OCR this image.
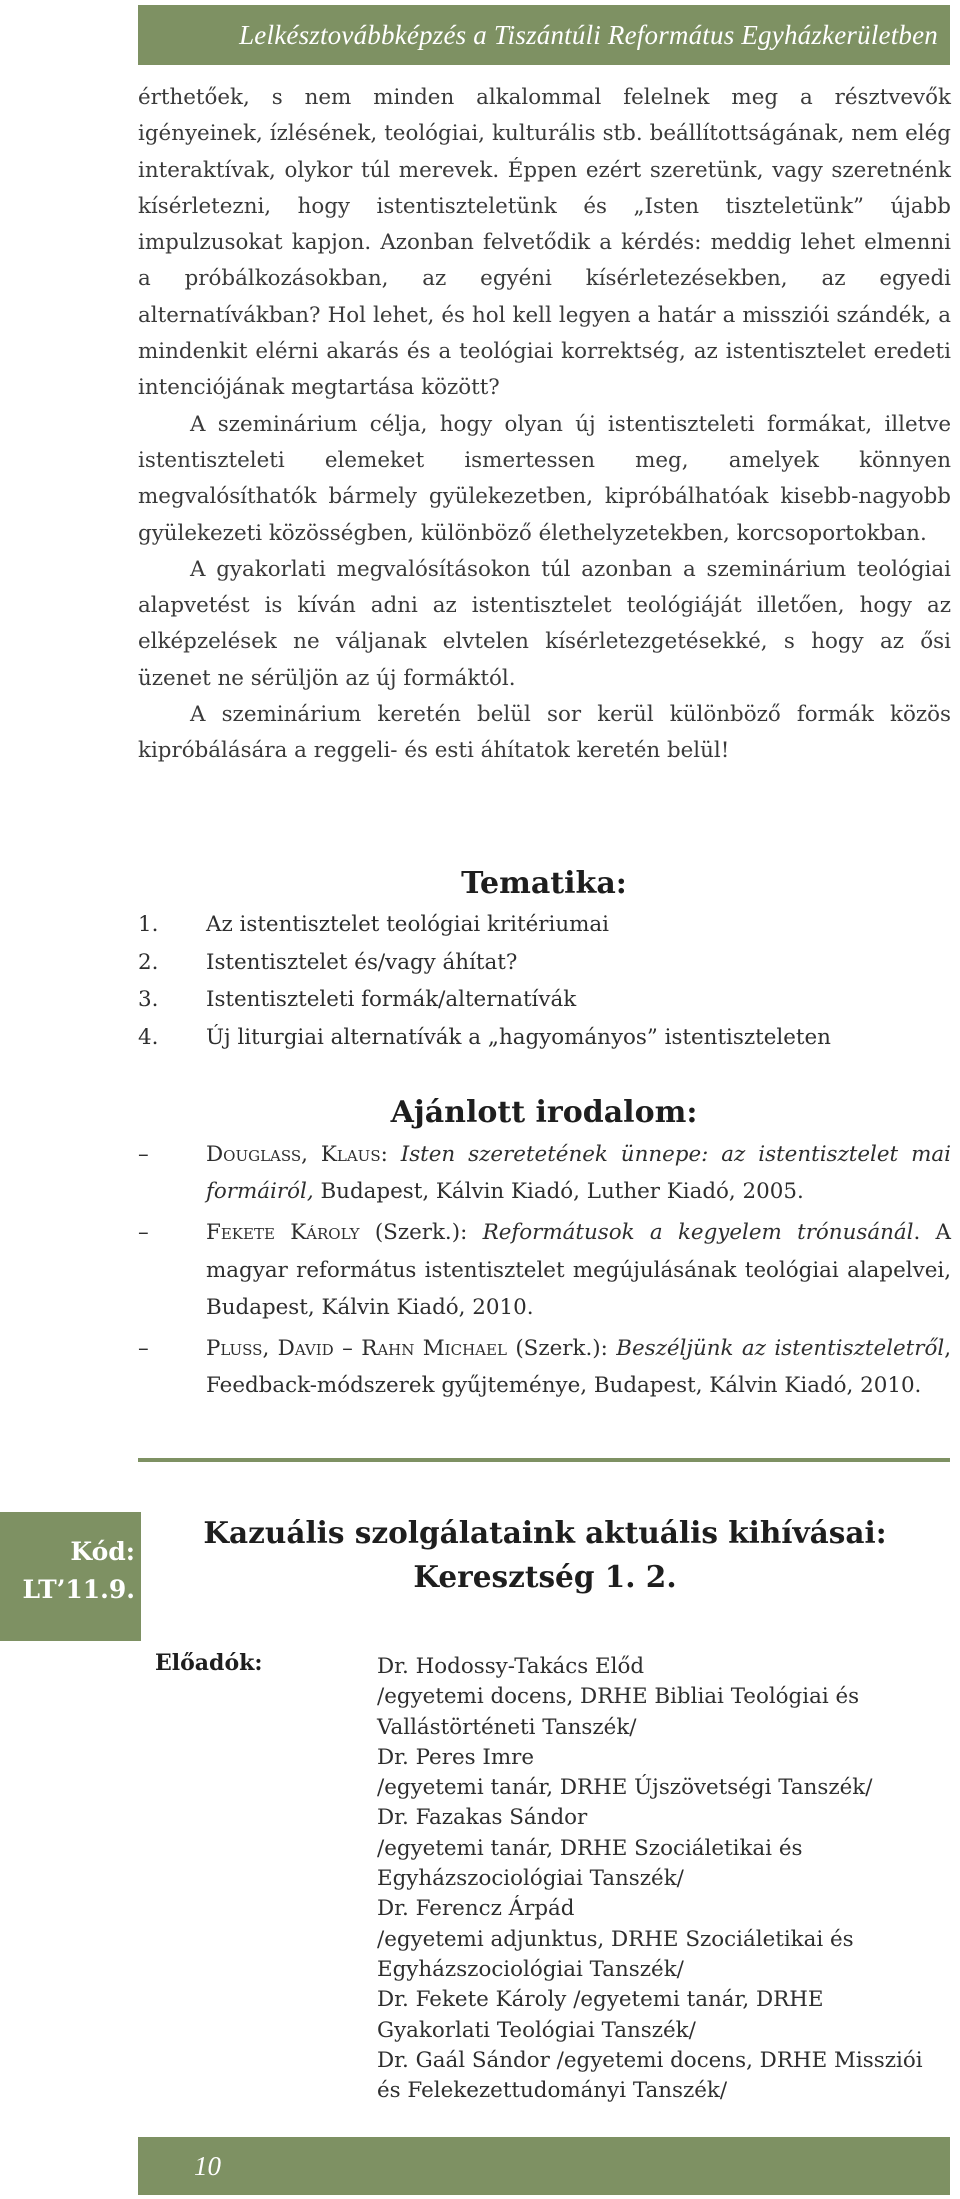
Lelkésztovábbképzés a Tiszántúli Református Egyházkerületben

érthetőek, s nem minden alkalommal felelnek meg a résztvevők igényeinek, ízlésének, teológiai, kulturális stb. beállítottságának, nem elég interaktívak, olykor túl merevek. Éppen ezért szeretünk, vagy szeretnénk kísérletezni, hogy istentiszteletünk és „Isten tiszteletünk” újabb impulzusokat kapjon. Azonban felvetődik a kérdés: meddig lehet elmenni a próbálkozásokban, az egyéni kísérletezésekben, az egyedi alternatívákban? Hol lehet, és hol kell legyen a határ a missziói szándék, a mindenkit elérni akarás és a teológiai korrektség, az istentisztelet eredeti intenciójának megtartása között?

A szeminárium célja, hogy olyan új istentiszteleti formákat, illetve istentiszteleti elemeket ismertessen meg, amelyek könnyen megvalósíthatók bármely gyülekezetben, kipróbálhatóak kisebb-nagyobb gyülekezeti közösségben, különböző élethelyzetekben, korcsoportokban.

A gyakorlati megvalósításokon túl azonban a szeminárium teológiai alapvetést is kíván adni az istentisztelet teológiáját illetően, hogy az elképzelések ne váljanak elvtelen kísérletezgetésekké, s hogy az ősi üzenet ne sérüljön az új formáktól.

A szeminárium keretén belül sor kerül különböző formák közös kipróbálására a reggeli- és esti áhítatok keretén belül!

Tematika:
1.	Az istentisztelet teológiai kritériumai
2.	Istentisztelet és/vagy áhítat?
3.	Istentiszteleti formák/alternatívák
4.	Új liturgiai alternatívák a „hagyományos” istentiszteleten
Ajánlott irodalom:
–	Douglass, Klaus: Isten szeretetének ünnepe: az istentisztelet mai formáiról, Budapest, Kálvin Kiadó, Luther Kiadó, 2005.
–	Fekete Károly (Szerk.): Reformátusok a kegyelem trónusánál. A magyar református istentisztelet megújulásának teológiai alapelvei, Budapest, Kálvin Kiadó, 2010.
–	Pluss, David – Rahn Michael (Szerk.): Beszéljünk az istentiszteletről, Feedback-módszerek gyűjteménye, Budapest, Kálvin Kiadó, 2010.
Kód:
LT’11.9.
Kazuális szolgálataink aktuális kihívásai:
Keresztség 1. 2.
Előadók:	Dr. Hodossy-Takács Előd
/egyetemi docens, DRHE Bibliai Teológiai és Vallástörténeti Tanszék/
Dr. Peres Imre
/egyetemi tanár, DRHE Újszövetségi Tanszék/
Dr. Fazakas Sándor
/egyetemi tanár, DRHE Szociáletikai és Egyházszociológiai Tanszék/
Dr. Ferencz Árpád
/egyetemi adjunktus, DRHE Szociáletikai és Egyházszociológiai Tanszék/
Dr. Fekete Károly /egyetemi tanár, DRHE Gyakorlati Teológiai Tanszék/
Dr. Gaál Sándor /egyetemi docens, DRHE Missziói és Felekezettudományi Tanszék/
10
